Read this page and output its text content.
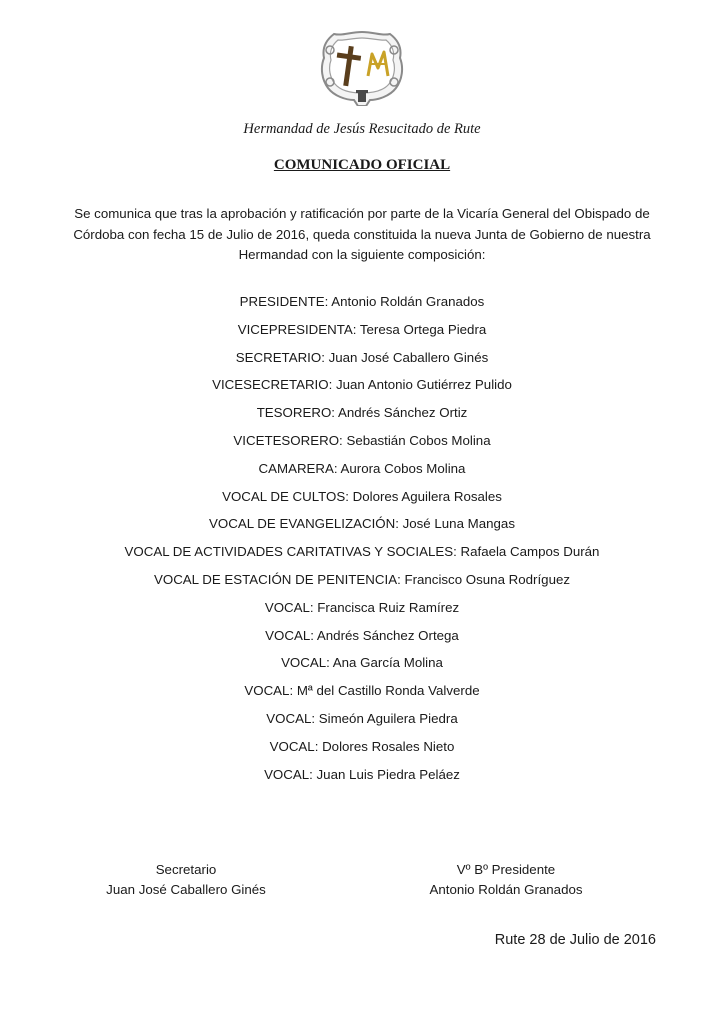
Hermandad de Jesús Resucitado de Rute
COMUNICADO OFICIAL
Se comunica que tras la aprobación y ratificación por parte de la Vicaría General del Obispado de
Córdoba con fecha 15 de Julio de 2016, queda constituida la nueva Junta de Gobierno de nuestra
Hermandad con la siguiente composición:
PRESIDENTE: Antonio Roldán Granados
VICEPRESIDENTA: Teresa Ortega Piedra
SECRETARIO: Juan José Caballero Ginés
VICESECRETARIO: Juan Antonio Gutiérrez Pulido
TESORERO: Andrés Sánchez Ortiz
VICETESORERO: Sebastián Cobos Molina
CAMARERA: Aurora Cobos Molina
VOCAL DE CULTOS: Dolores Aguilera Rosales
VOCAL DE EVANGELIZACIÓN: José Luna Mangas
VOCAL DE ACTIVIDADES CARITATIVAS Y SOCIALES: Rafaela Campos Durán
VOCAL DE ESTACIÓN DE PENITENCIA: Francisco Osuna Rodríguez
VOCAL: Francisca Ruiz Ramírez
VOCAL: Andrés Sánchez Ortega
VOCAL: Ana García Molina
VOCAL: Mª del Castillo Ronda Valverde
VOCAL: Simeón Aguilera Piedra
VOCAL: Dolores Rosales Nieto
VOCAL: Juan Luis Piedra Peláez
Secretario
Juan José Caballero Ginés
Vº Bº Presidente
Antonio Roldán Granados
Rute 28 de Julio de 2016
